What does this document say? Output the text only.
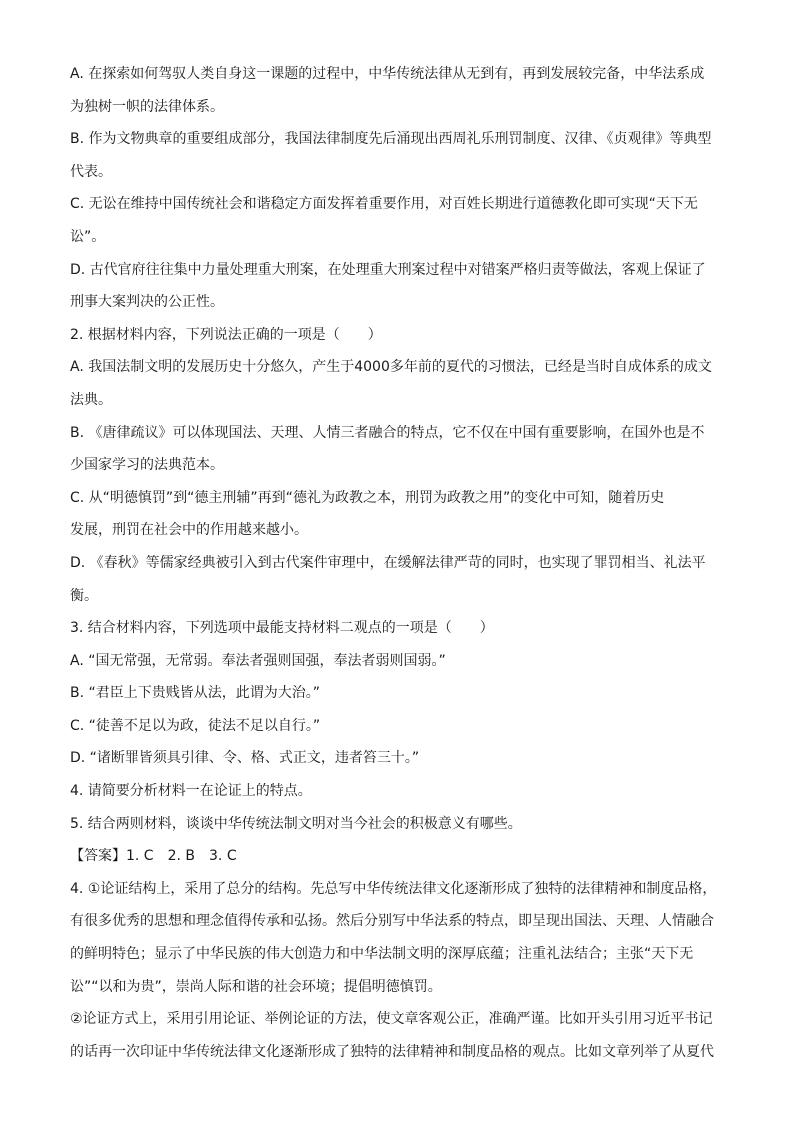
A. 在探索如何驾驭人类自身这一课题的过程中，中华传统法律从无到有，再到发展较完备，中华法系成
为独树一帜的法律体系。
B. 作为文物典章的重要组成部分，我国法律制度先后涌现出西周礼乐刑罚制度、汉律、《贞观律》等典型
代表。
C. 无讼在维持中国传统社会和谐稳定方面发挥着重要作用，对百姓长期进行道德教化即可实现“天下无
讼”。
D. 古代官府往往集中力量处理重大刑案，在处理重大刑案过程中对错案严格归责等做法，客观上保证了
刑事大案判决的公正性。
2. 根据材料内容，下列说法正确的一项是（　　）
A. 我国法制文明的发展历史十分悠久，产生于4000多年前的夏代的习惯法，已经是当时自成体系的成文
法典。
B. 《唐律疏议》可以体现国法、天理、人情三者融合的特点，它不仅在中国有重要影响，在国外也是不
少国家学习的法典范本。
C. 从“明德慎罚”到“德主刑辅”再到“德礼为政教之本，刑罚为政教之用”的变化中可知，随着历史
发展，刑罚在社会中的作用越来越小。
D. 《春秋》等儒家经典被引入到古代案件审理中，在缓解法律严苛的同时，也实现了罪罚相当、礼法平
衡。
3. 结合材料内容，下列选项中最能支持材料二观点的一项是（　　）
A. “国无常强，无常弱。奉法者强则国强，奉法者弱则国弱。”
B. “君臣上下贵贱皆从法，此谓为大治。”
C. “徒善不足以为政，徒法不足以自行。”
D. “诸断罪皆须具引律、令、格、式正文，违者笞三十。”
4. 请简要分析材料一在论证上的特点。
5. 结合两则材料，谈谈中华传统法制文明对当今社会的积极意义有哪些。
【答案】1. C 2. B 3. C
4. ①论证结构上，采用了总分的结构。先总写中华传统法律文化逐渐形成了独特的法律精神和制度品格，
有很多优秀的思想和理念值得传承和弘扬。然后分别写中华法系的特点，即呈现出国法、天理、人情融合
的鲜明特色；显示了中华民族的伟大创造力和中华法制文明的深厚底蕴；注重礼法结合；主张“天下无
讼”“以和为贵”，崇尚人际和谐的社会环境；提倡明德慎罚。
②论证方式上，采用引用论证、举例论证的方法，使文章客观公正，准确严谨。比如开头引用习近平书记
的话再一次印证中华传统法律文化逐渐形成了独特的法律精神和制度品格的观点。比如文章列举了从夏代
